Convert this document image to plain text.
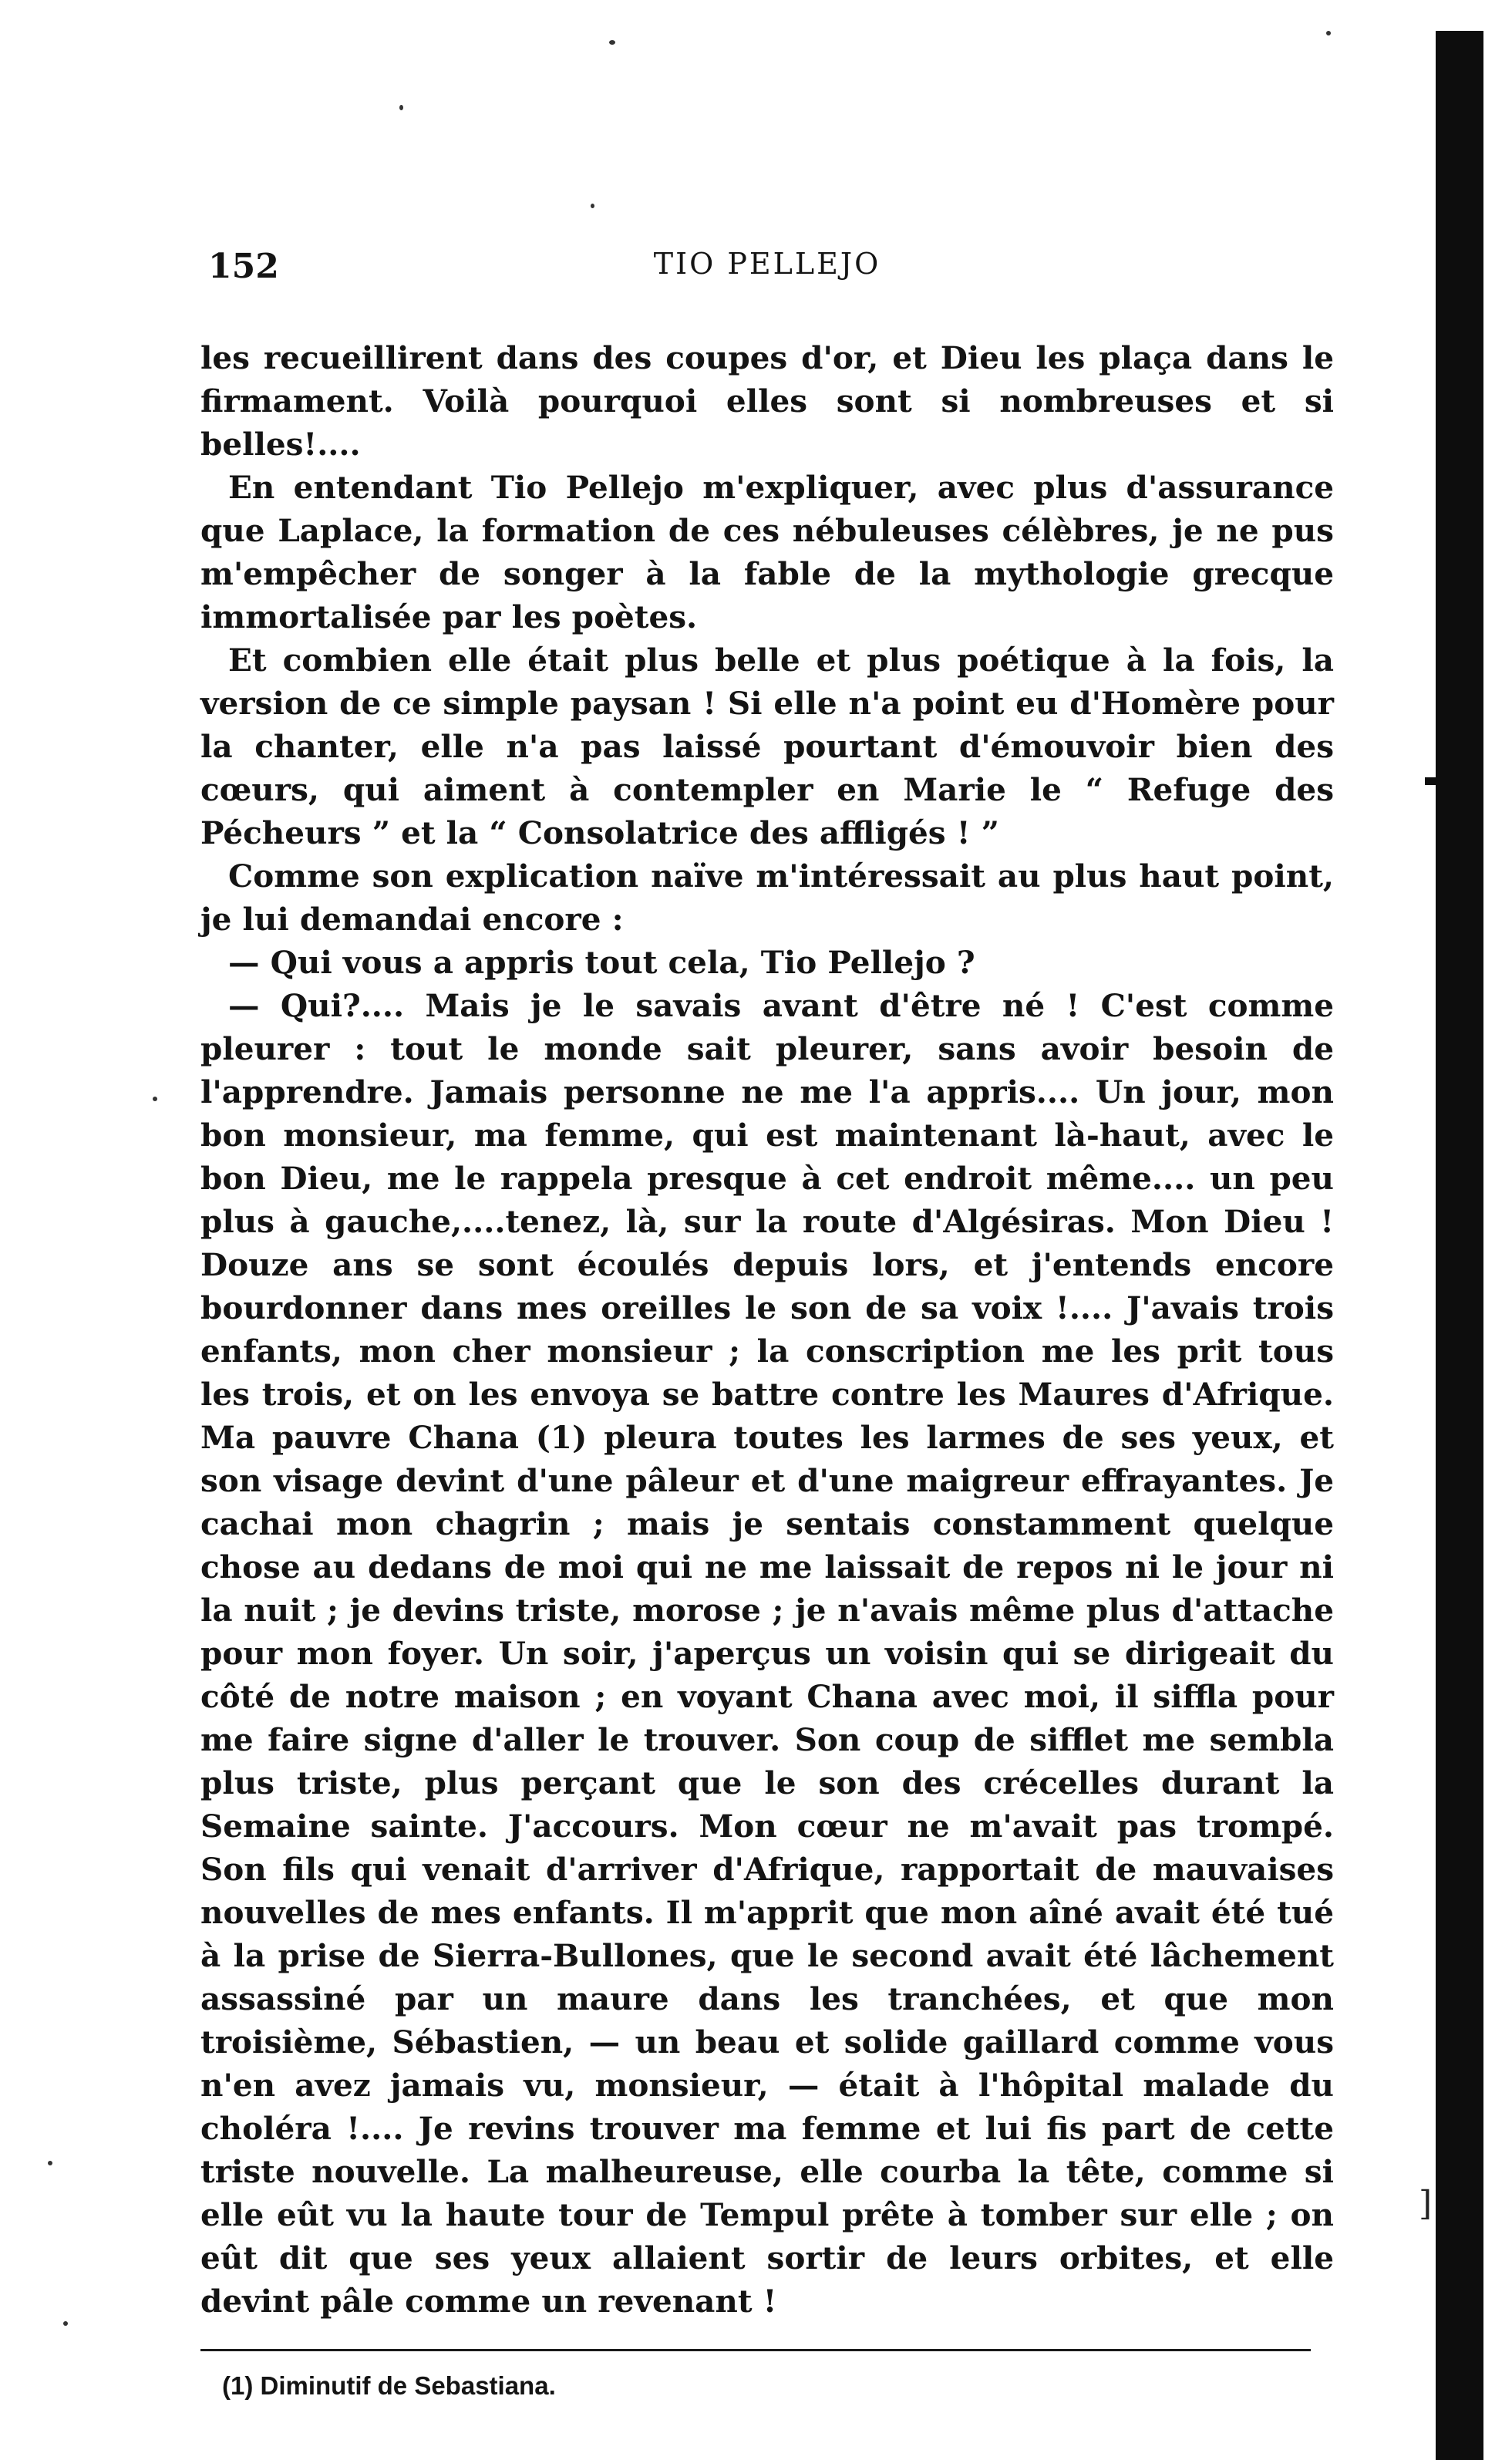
]
152	TIO PELLEJO

les recueillirent dans des coupes d'or, et Dieu les plaça dans le firmament. Voilà pourquoi elles sont si nombreuses et si belles!....

En entendant Tio Pellejo m'expliquer, avec plus d'assurance que Laplace, la formation de ces nébuleuses célèbres, je ne pus m'empêcher de songer à la fable de la mythologie grecque immortalisée par les poètes.

Et combien elle était plus belle et plus poétique à la fois, la version de ce simple paysan ! Si elle n'a point eu d'Homère pour la chanter, elle n'a pas laissé pourtant d'émouvoir bien des cœurs, qui aiment à contempler en Marie le “ Refuge des Pécheurs ” et la “ Consolatrice des affligés ! ”

Comme son explication naïve m'intéressait au plus haut point, je lui demandai encore :

— Qui vous a appris tout cela, Tio Pellejo ?

— Qui?.... Mais je le savais avant d'être né ! C'est comme pleurer : tout le monde sait pleurer, sans avoir besoin de l'apprendre. Jamais personne ne me l'a appris.... Un jour, mon bon monsieur, ma femme, qui est maintenant là-haut, avec le bon Dieu, me le rappela presque à cet endroit même.... un peu plus à gauche,....tenez, là, sur la route d'Algésiras. Mon Dieu ! Douze ans se sont écoulés depuis lors, et j'entends encore bourdonner dans mes oreilles le son de sa voix !.... J'avais trois enfants, mon cher monsieur ; la conscription me les prit tous les trois, et on les envoya se battre contre les Maures d'Afrique. Ma pauvre Chana (1) pleura toutes les larmes de ses yeux, et son visage devint d'une pâleur et d'une maigreur effrayantes. Je cachai mon chagrin ; mais je sentais constamment quelque chose au dedans de moi qui ne me laissait de repos ni le jour ni la nuit ; je devins triste, morose ; je n'avais même plus d'attache pour mon foyer. Un soir, j'aperçus un voisin qui se dirigeait du côté de notre maison ; en voyant Chana avec moi, il siffla pour me faire signe d'aller le trouver. Son coup de sifflet me sembla plus triste, plus perçant que le son des crécelles durant la Semaine sainte. J'accours. Mon cœur ne m'avait pas trompé. Son fils qui venait d'arriver d'Afrique, rapportait de mauvaises nouvelles de mes enfants. Il m'apprit que mon aîné avait été tué à la prise de Sierra-Bullones, que le second avait été lâchement assassiné par un maure dans les tranchées, et que mon troisième, Sébastien, — un beau et solide gaillard comme vous n'en avez jamais vu, monsieur, — était à l'hôpital malade du choléra !.... Je revins trouver ma femme et lui fis part de cette triste nouvelle. La malheureuse, elle courba la tête, comme si elle eût vu la haute tour de Tempul prête à tomber sur elle ; on eût dit que ses yeux allaient sortir de leurs orbites, et elle devint pâle comme un revenant !

(1) Diminutif de Sebastiana.
